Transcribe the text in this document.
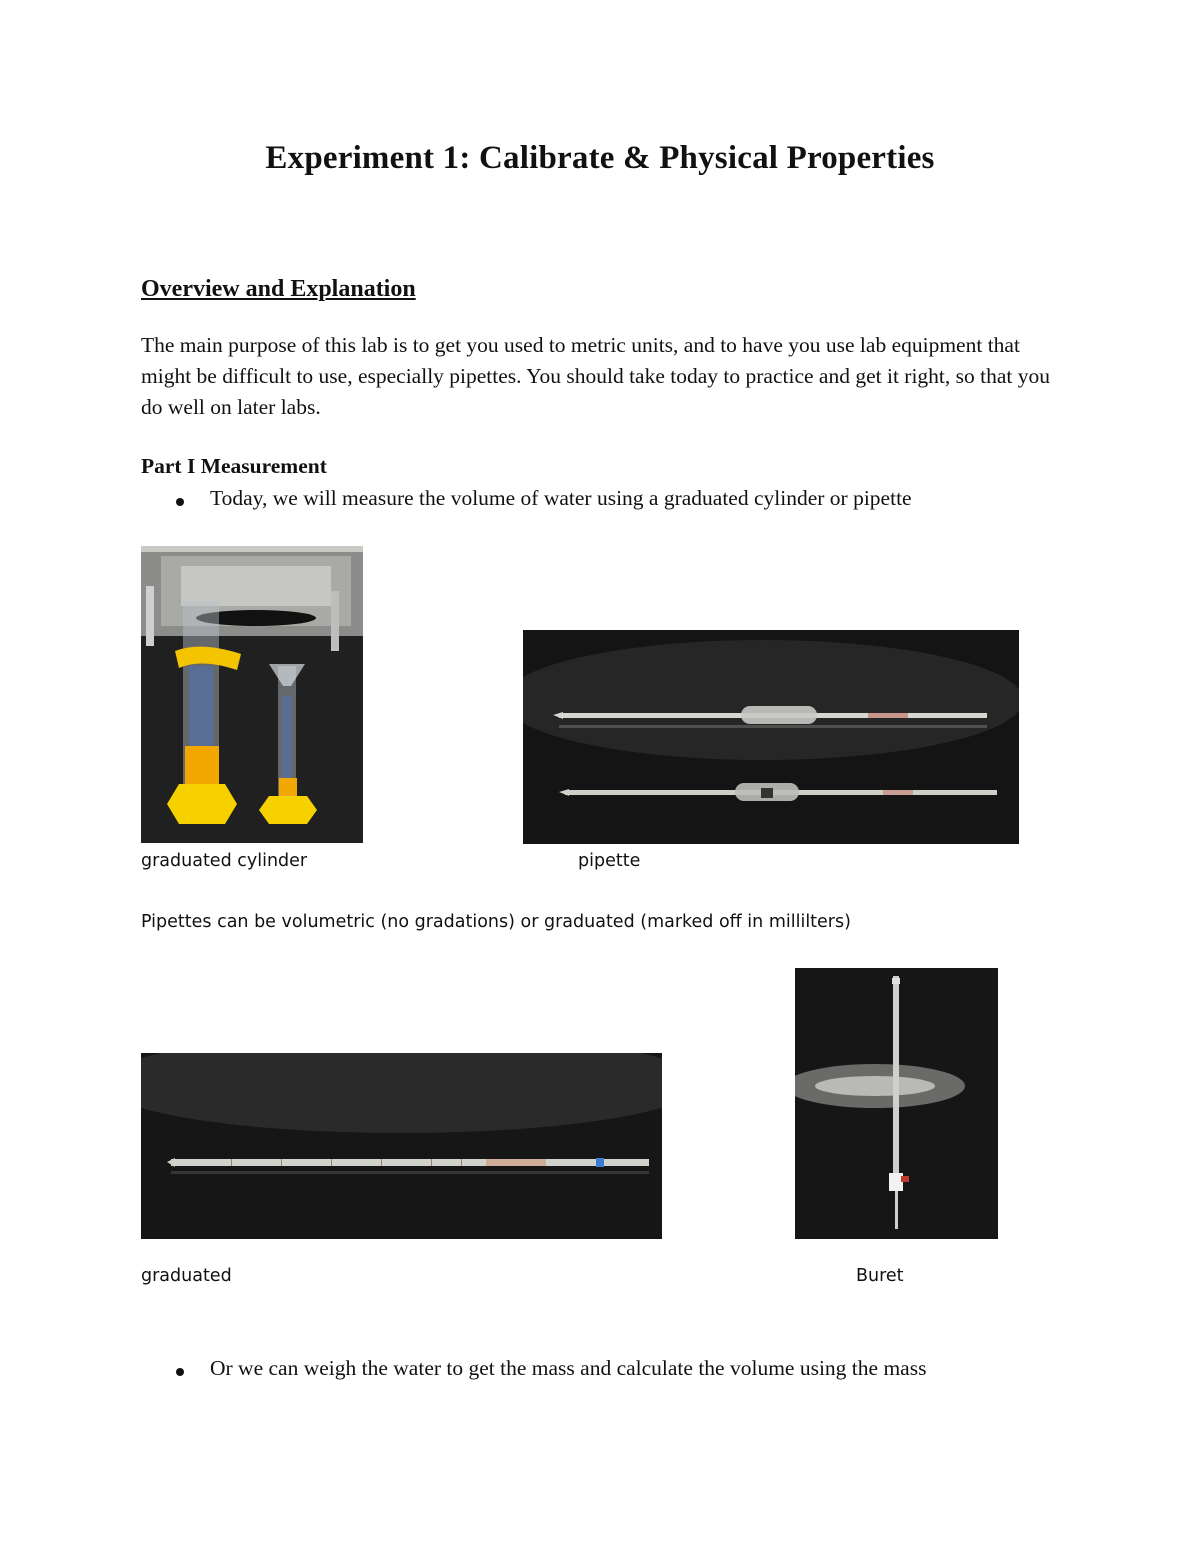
Experiment 1: Calibrate & Physical Properties
Overview and Explanation
The main purpose of this lab is to get you used to metric units, and to have you use lab equipment that might be difficult to use, especially pipettes. You should take today to practice and get it right, so that you do well on later labs.
Part I Measurement
Today, we will measure the volume of water using a graduated cylinder or pipette
graduated cylinder	pipette
Pipettes can be volumetric (no gradations) or graduated (marked off in millilters)
graduated	Buret
Or we can weigh the water to get the mass and calculate the volume using the mass
